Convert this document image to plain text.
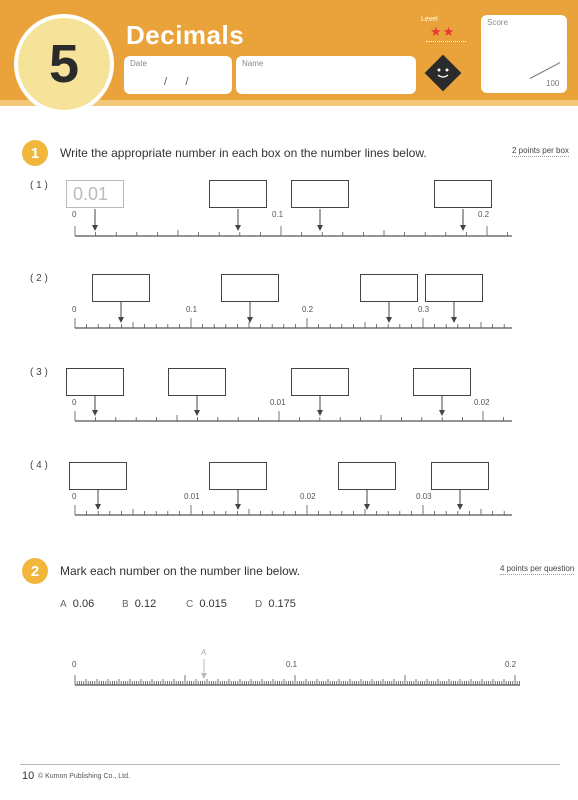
5 Decimals
Date
/      /
Name
Level
★★
Score
100
1	Write the appropriate number in each box on the number lines below.	2 points per box
( 1 ) 0.01
0	0.1	0.2
( 2 )
0	0.1	0.2	0.3
( 3 )
0	0.01	0.02
( 4 )
0	0.01	0.02	0.03
2	Mark each number on the number line below.	4 points per question
A 0.06	B 0.12	C 0.015	D 0.175
0	0.1	0.2
A
10 © Kumon Publishing Co., Ltd.
